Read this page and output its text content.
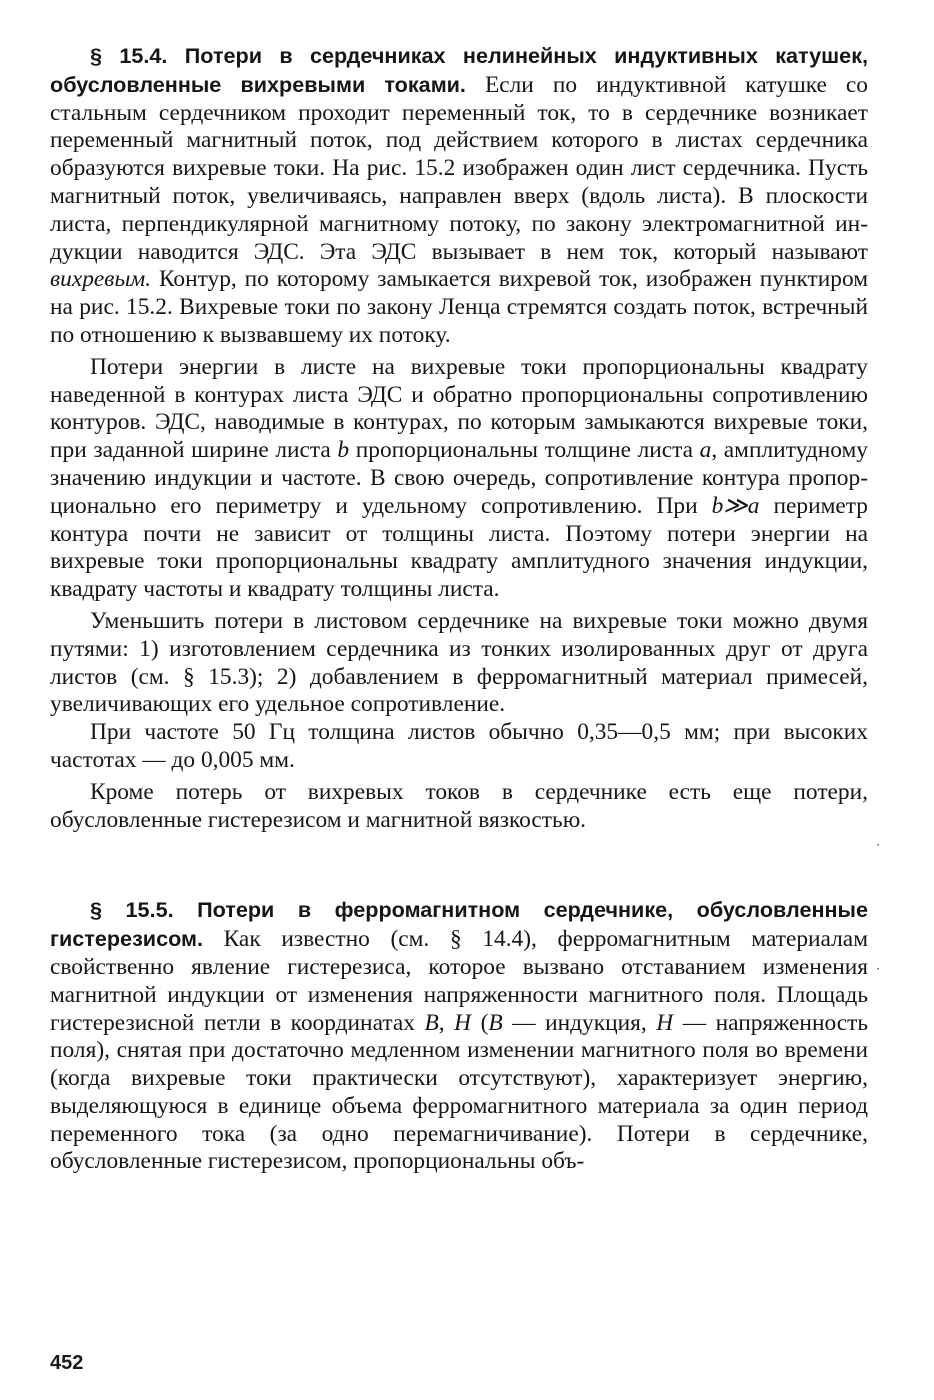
§ 15.4. Потери в сердечниках нелинейных индуктивных катушек, обусловленные вихревыми токами. Если по индуктивной катушке со стальным сердечником проходит переменный ток, то в сердечнике возникает переменный магнитный поток, под действием которого в листах сердечника образуются вихревые токи. На рис. 15.2 изображен один лист сердечника. Пусть магнитный поток, увеличиваясь, направлен вверх (вдоль листа). В плоскости листа, перпендикулярной магнитному потоку, по закону электромагнитной индукции наводится ЭДС. Эта ЭДС вызывает в нем ток, который называют вихревым. Контур, по которому замыкается вихревой ток, изображен пунктиром на рис. 15.2. Вихревые токи по закону Ленца стремятся создать поток, встречный по отношению к вызвавшему их потоку.

Потери энергии в листе на вихревые токи пропорциональны квадрату наведенной в контурах листа ЭДС и обратно пропорциональны сопротивлению контуров. ЭДС, наводимые в контурах, по которым замыкаются вихревые токи, при заданной ширине листа b пропорциональны толщине листа a, амплитудному значению индукции и частоте. В свою очередь, сопротивление контура пропорционально его периметру и удельному сопротивлению. При b≫a периметр контура почти не зависит от толщины листа. Поэтому потери энергии на вихревые токи пропорциональны квадрату амплитудного значения индукции, квадрату частоты и квадрату толщины листа.

Уменьшить потери в листовом сердечнике на вихревые токи можно двумя путями: 1) изготовлением сердечника из тонких изолированных друг от друга листов (см. § 15.3); 2) добавлением в ферромагнитный материал примесей, увеличивающих его удельное сопротивление.

При частоте 50 Гц толщина листов обычно 0,35—0,5 мм; при высоких частотах — до 0,005 мм.

Кроме потерь от вихревых токов в сердечнике есть еще потери, обусловленные гистерезисом и магнитной вязкостью.

§ 15.5. Потери в ферромагнитном сердечнике, обусловленные гистерезисом. Как известно (см. § 14.4), ферромагнитным материалам свойственно явление гистерезиса, которое вызвано отставанием изменения магнитной индукции от изменения напряженности магнитного поля. Площадь гистерезисной петли в координатах B, H (B — индукция, H — напряженность поля), снятая при достаточно медленном изменении магнитного поля во времени (когда вихревые токи практически отсутствуют), характеризует энергию, выделяющуюся в единице объема ферромагнитного материала за один период переменного тока (за одно перемагничивание). Потери в сердечнике, обусловленные гистерезисом, пропорциональны объ-

·
·
452
